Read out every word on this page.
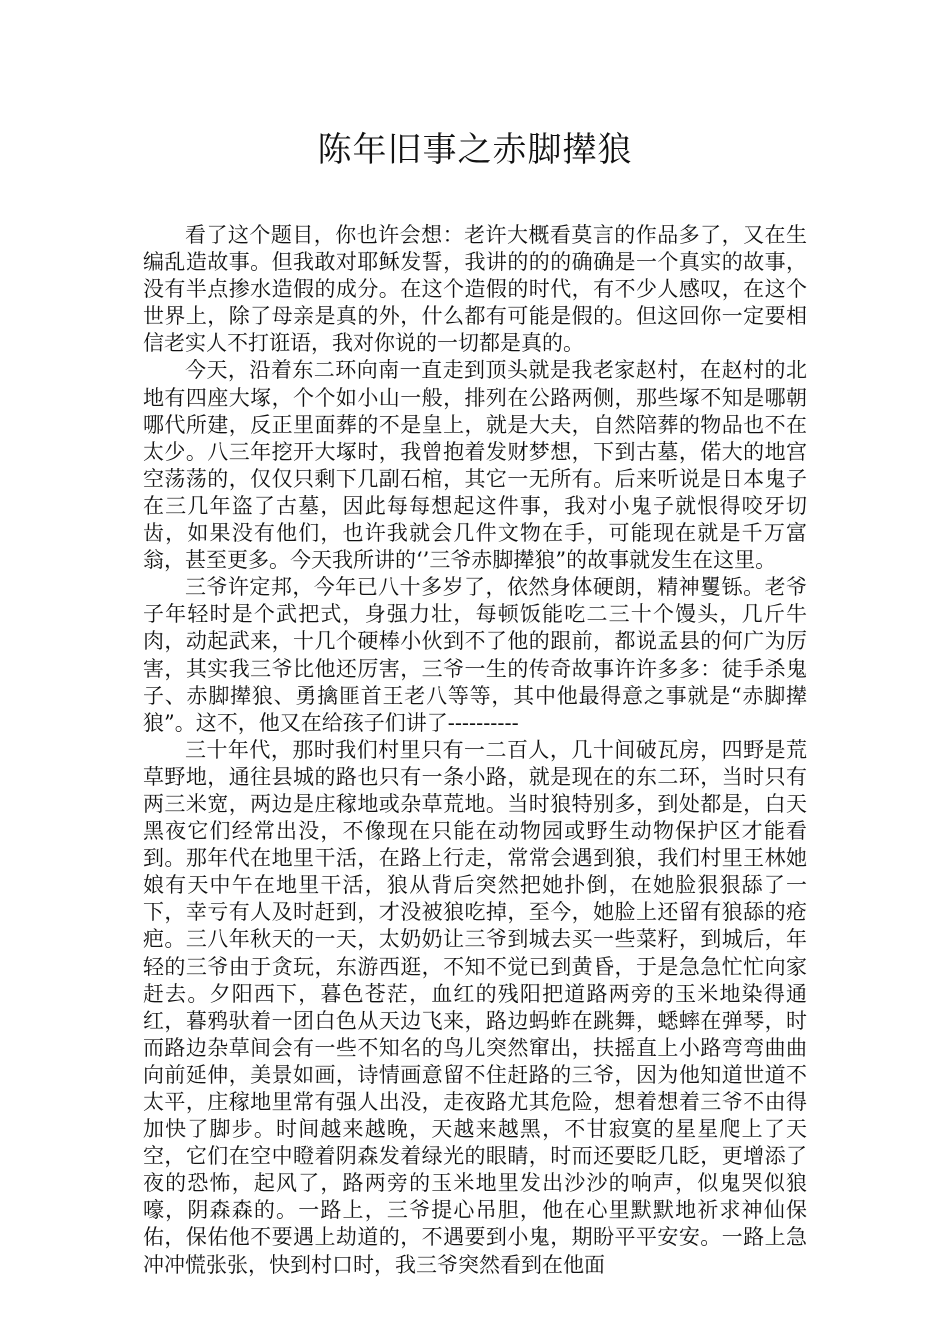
陈年旧事之赤脚撵狼

看了这个题目，你也许会想：老许大概看莫言的作品多了，又在生编乱造故事。但我敢对耶稣发誓，我讲的的的确确是一个真实的故事，没有半点掺水造假的成分。在这个造假的时代，有不少人感叹，在这个世界上，除了母亲是真的外，什么都有可能是假的。但这回你一定要相信老实人不打诳语，我对你说的一切都是真的。

今天，沿着东二环向南一直走到顶头就是我老家赵村，在赵村的北地有四座大塚，个个如小山一般，排列在公路两侧，那些塚不知是哪朝哪代所建，反正里面葬的不是皇上，就是大夫，自然陪葬的物品也不在太少。八三年挖开大塚时，我曾抱着发财梦想，下到古墓，偌大的地宫空荡荡的，仅仅只剩下几副石棺，其它一无所有。后来听说是日本鬼子在三几年盗了古墓，因此每每想起这件事，我对小鬼子就恨得咬牙切齿，如果没有他们，也许我就会几件文物在手，可能现在就是千万富翁，甚至更多。今天我所讲的‘’三爷赤脚撵狼”的故事就发生在这里。

三爷许定邦，今年已八十多岁了，依然身体硬朗，精神矍铄。老爷子年轻时是个武把式，身强力壮，每顿饭能吃二三十个馒头，几斤牛肉，动起武来，十几个硬棒小伙到不了他的跟前，都说孟县的何广为厉害，其实我三爷比他还厉害，三爷一生的传奇故事许许多多：徒手杀鬼子、赤脚撵狼、勇擒匪首王老八等等，其中他最得意之事就是“赤脚撵狼”。这不，他又在给孩子们讲了----------

三十年代，那时我们村里只有一二百人，几十间破瓦房，四野是荒草野地，通往县城的路也只有一条小路，就是现在的东二环，当时只有两三米宽，两边是庄稼地或杂草荒地。当时狼特别多，到处都是，白天黑夜它们经常出没，不像现在只能在动物园或野生动物保护区才能看到。那年代在地里干活，在路上行走，常常会遇到狼，我们村里王林她娘有天中午在地里干活，狼从背后突然把她扑倒，在她脸狠狠舔了一下，幸亏有人及时赶到，才没被狼吃掉，至今，她脸上还留有狼舔的疮疤。三八年秋天的一天，太奶奶让三爷到城去买一些菜籽，到城后，年轻的三爷由于贪玩，东游西逛，不知不觉已到黄昏，于是急急忙忙向家赶去。夕阳西下，暮色苍茫，血红的残阳把道路两旁的玉米地染得通红，暮鸦驮着一团白色从天边飞来，路边蚂蚱在跳舞，蟋蟀在弹琴，时而路边杂草间会有一些不知名的鸟儿突然窜出，扶摇直上小路弯弯曲曲向前延伸，美景如画，诗情画意留不住赶路的三爷，因为他知道世道不太平，庄稼地里常有强人出没，走夜路尤其危险，想着想着三爷不由得加快了脚步。时间越来越晚，天越来越黑，不甘寂寞的星星爬上了天空，它们在空中瞪着阴森发着绿光的眼睛，时而还要眨几眨，更增添了夜的恐怖，起风了，路两旁的玉米地里发出沙沙的响声，似鬼哭似狼嚎，阴森森的。一路上，三爷提心吊胆，他在心里默默地祈求神仙保佑，保佑他不要遇上劫道的，不遇要到小鬼，期盼平平安安。一路上急冲冲慌张张，快到村口时，我三爷突然看到在他面
